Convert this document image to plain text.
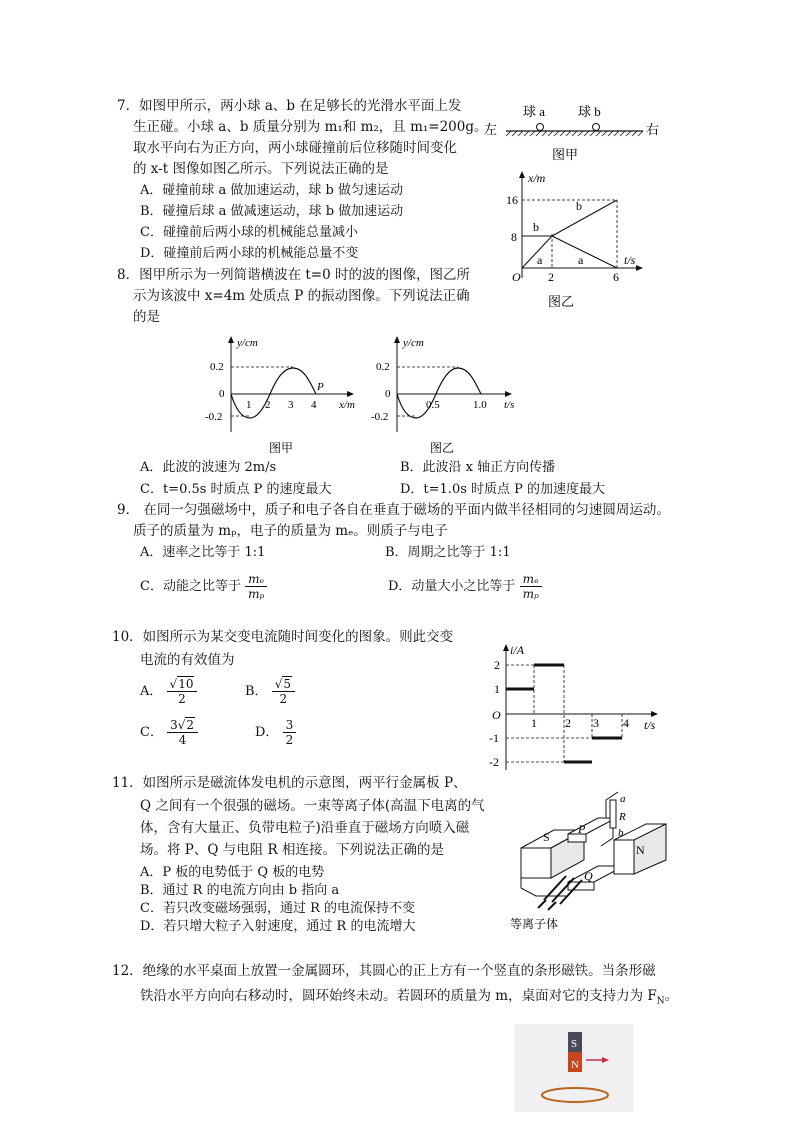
7．如图甲所示，两小球 a、b 在足够长的光滑水平面上发
生正碰。小球 a、b 质量分别为 m₁和 m₂，且 m₁=200g。
取水平向右为正方向，两小球碰撞前后位移随时间变化
的 x-t 图像如图乙所示。下列说法正确的是
A．碰撞前球 a 做加速运动，球 b 做匀速运动
B．碰撞后球 a 做减速运动，球 b 做加速运动
C．碰撞前后两小球的机械能总量减小
D．碰撞前后两小球的机械能总量不变
球 a	球 b
左	右
图甲
x/m
t/s
O
16
8
2	6
b
b
a	a
图乙
8．图甲所示为一列简谐横波在 t=0 时的波的图像，图乙所
示为该波中 x=4m 处质点 P 的振动图像。下列说法正确
的是
y/cm
x/m
0.2
0
-0.2
1 2 3 4
P
图甲
y/cm
t/s
0.2
0
-0.2
0.5	1.0
图乙
A．此波的波速为 2m/s	B．此波沿 x 轴正方向传播
C．t=0.5s 时质点 P 的速度最大	D．t=1.0s 时质点 P 的加速度最大
9． 在同一匀强磁场中，质子和电子各自在垂直于磁场的平面内做半径相同的匀速圆周运动。
质子的质量为 mₚ，电子的质量为 mₑ。则质子与电子
A．速率之比等于 1:1	B．周期之比等于 1:1
C．动能之比等于 $\frac{\text{mₑ}}{\text{mₚ}}$	D．动量大小之比等于 $\frac{\text{mₑ}}{\text{mₚ}}$
10．如图所示为某交变电流随时间变化的图象。则此交变
电流的有效值为
A． $\frac{√10}{2}$	B． $\frac{√5}{2}$
C． $\frac{3√2}{4}$	D． $\frac{3}{2}$
i/A
t/s
O
2
1
-1
-2
1 2 3 4
11．如图所示是磁流体发电机的示意图，两平行金属板 P、
Q 之间有一个很强的磁场。一束等离子体(高温下电离的气
体，含有大量正、负带电粒子)沿垂直于磁场方向喷入磁
场。将 P、Q 与电阻 R 相连接。下列说法正确的是
A．P 板的电势低于 Q 板的电势
B．通过 R 的电流方向由 b 指向 a
C．若只改变磁场强弱，通过 R 的电流保持不变
D．若只增大粒子入射速度，通过 R 的电流增大
S
P
a
R
b
Q
N
等离子体
12．绝缘的水平桌面上放置一金属圆环，其圆心的正上方有一个竖直的条形磁铁。当条形磁
铁沿水平方向向右移动时，圆环始终未动。若圆环的质量为 m，桌面对它的支持力为 $F_N$。
S
N
